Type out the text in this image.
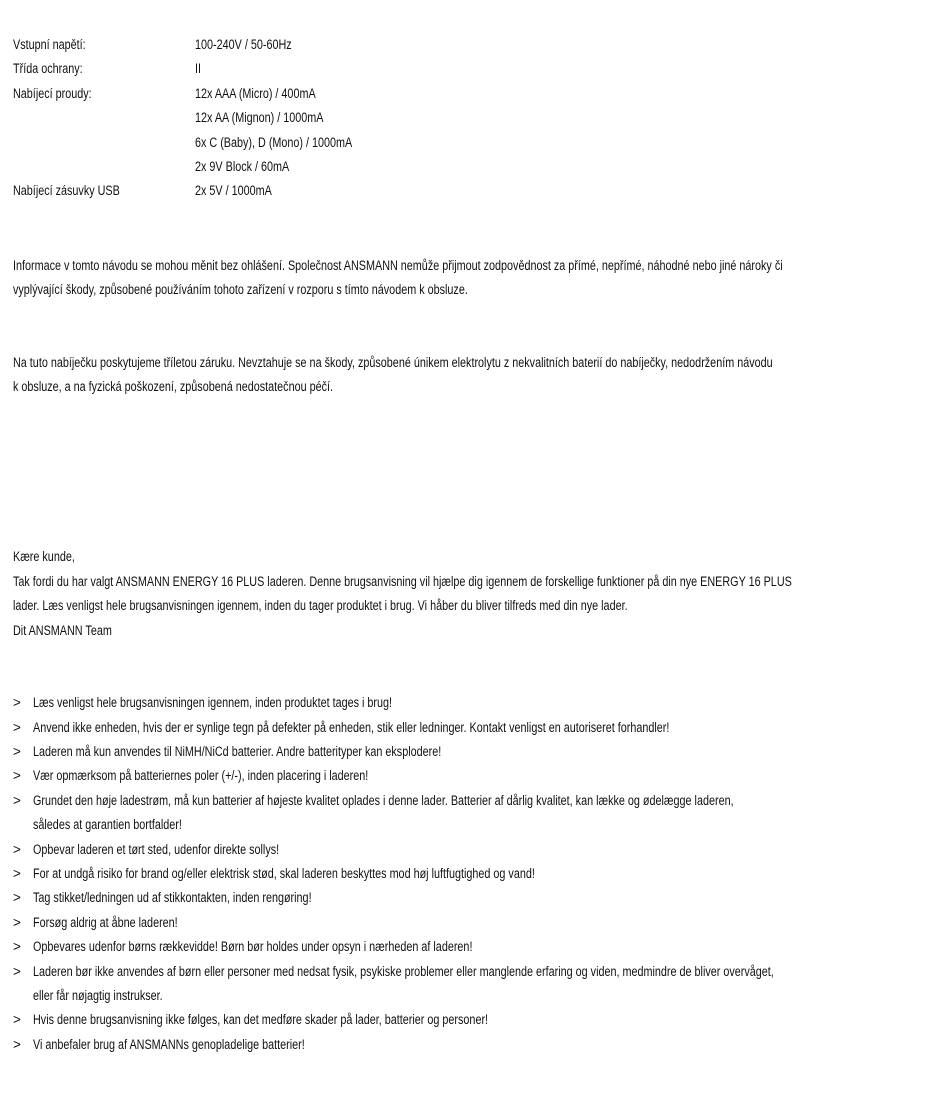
Vstupní napětí:	100-240V / 50-60Hz
Třída ochrany:	II
Nabíjecí proudy:	12x AAA (Micro) / 400mA
12x AA (Mignon) / 1000mA
6x C (Baby), D (Mono) / 1000mA
2x 9V Block / 60mA
Nabíjecí zásuvky USB	2x 5V / 1000mA
Informace v tomto návodu se mohou měnit bez ohlášení. Společnost ANSMANN nemůže přijmout zodpovědnost za přímé, nepřímé, náhodné nebo jiné nároky či
vyplývající škody, způsobené používáním tohoto zařízení v rozporu s tímto návodem k obsluze.
Na tuto nabíječku poskytujeme tříletou záruku. Nevztahuje se na škody, způsobené únikem elektrolytu z nekvalitních baterií do nabíječky, nedodržením návodu
k obsluze, a na fyzická poškození, způsobená nedostatečnou péčí.
Kære kunde,
Tak fordi du har valgt ANSMANN ENERGY 16 PLUS laderen. Denne brugsanvisning vil hjælpe dig igennem de forskellige funktioner på din nye ENERGY 16 PLUS
lader. Læs venligst hele brugsanvisningen igennem, inden du tager produktet i brug. Vi håber du bliver tilfreds med din nye lader.
Dit ANSMANN Team
> Læs venligst hele brugsanvisningen igennem, inden produktet tages i brug!
> Anvend ikke enheden, hvis der er synlige tegn på defekter på enheden, stik eller ledninger. Kontakt venligst en autoriseret forhandler!
> Laderen må kun anvendes til NiMH/NiCd batterier. Andre batterityper kan eksplodere!
> Vær opmærksom på batteriernes poler (+/-), inden placering i laderen!
> Grundet den høje ladestrøm, må kun batterier af højeste kvalitet oplades i denne lader. Batterier af dårlig kvalitet, kan lække og ødelægge laderen,
således at garantien bortfalder!
> Opbevar laderen et tørt sted, udenfor direkte sollys!
> For at undgå risiko for brand og/eller elektrisk stød, skal laderen beskyttes mod høj luftfugtighed og vand!
> Tag stikket/ledningen ud af stikkontakten, inden rengøring!
> Forsøg aldrig at åbne laderen!
> Opbevares udenfor børns rækkevidde! Børn bør holdes under opsyn i nærheden af laderen!
> Laderen bør ikke anvendes af børn eller personer med nedsat fysik, psykiske problemer eller manglende erfaring og viden, medmindre de bliver overvåget,
eller får nøjagtig instrukser.
> Hvis denne brugsanvisning ikke følges, kan det medføre skader på lader, batterier og personer!
> Vi anbefaler brug af ANSMANNs genopladelige batterier!
